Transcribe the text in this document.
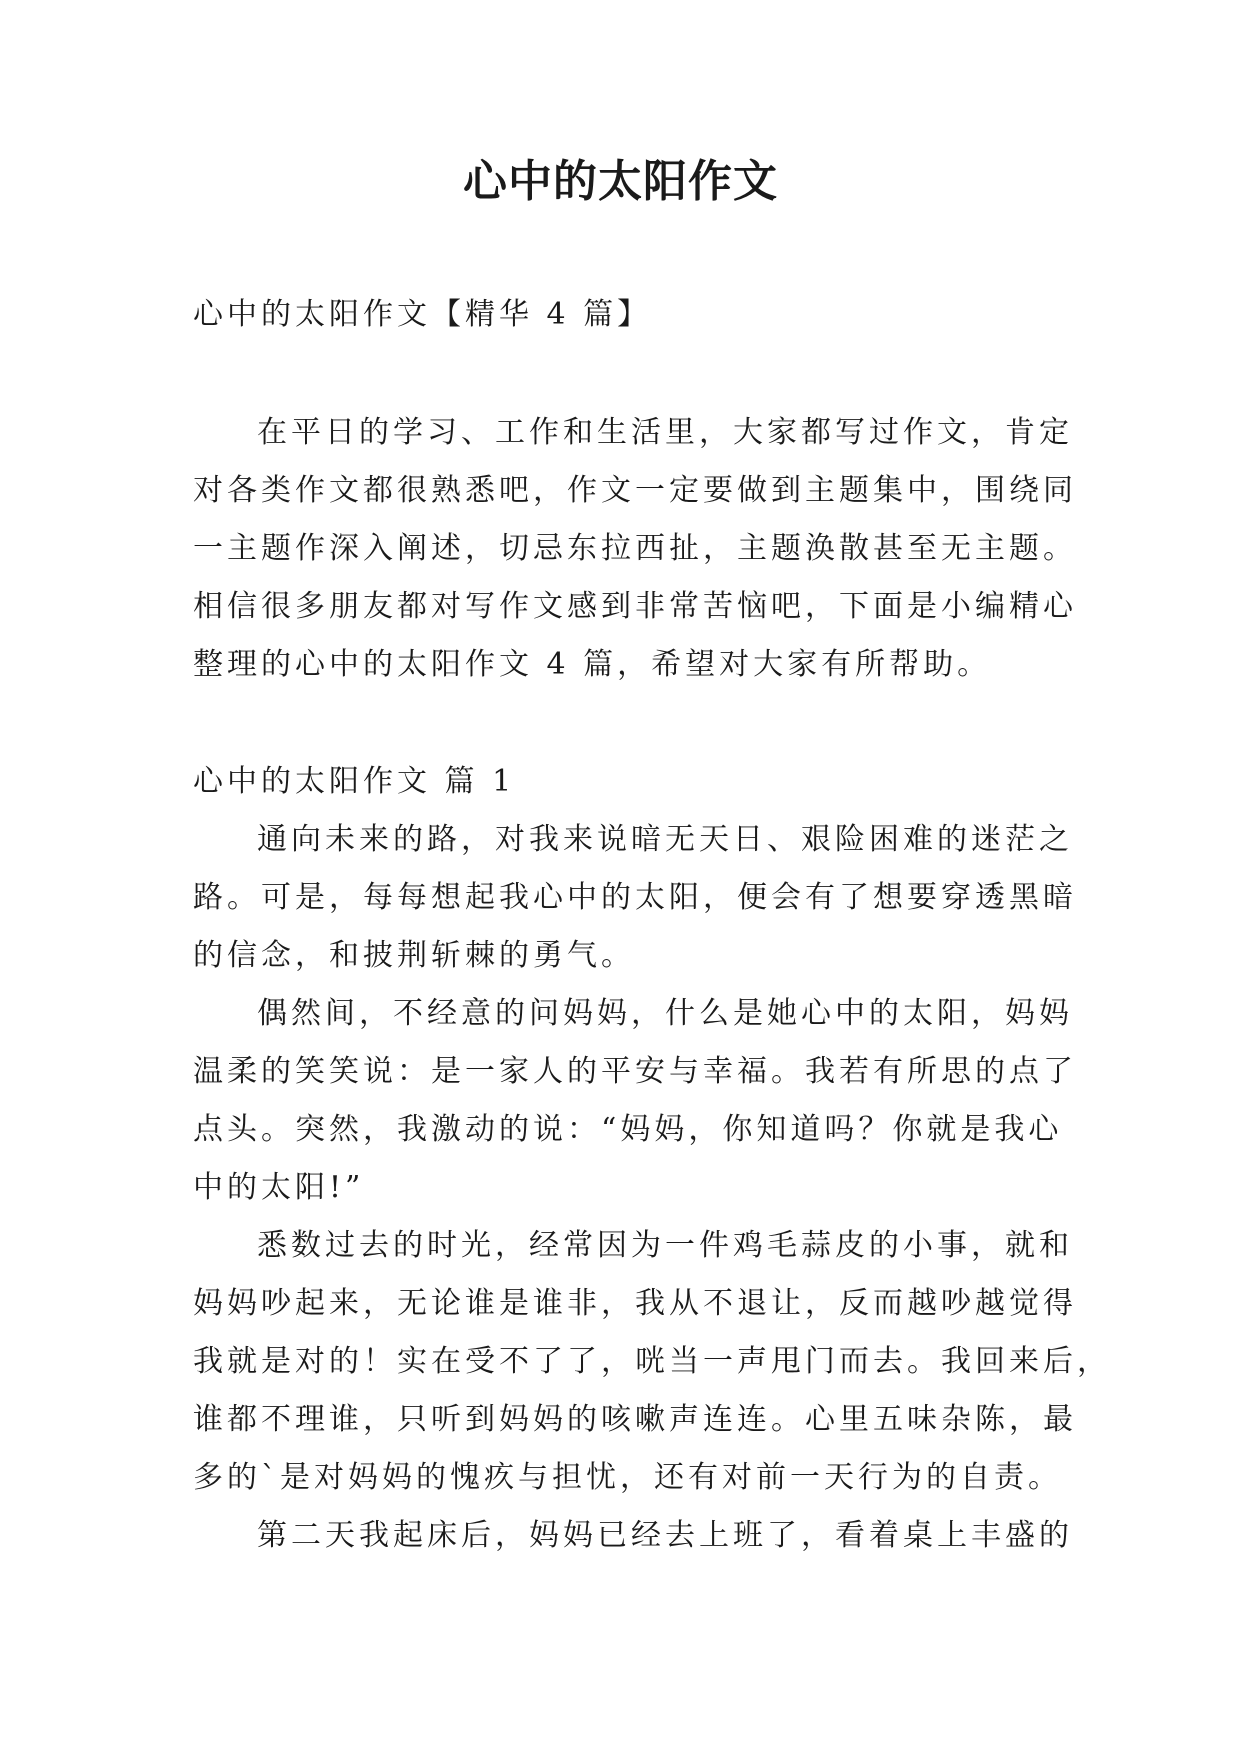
心中的太阳作文
心中的太阳作文【精华 4 篇】
在平日的学习、工作和生活里，大家都写过作文，肯定
对各类作文都很熟悉吧，作文一定要做到主题集中，围绕同
一主题作深入阐述，切忌东拉西扯，主题涣散甚至无主题。
相信很多朋友都对写作文感到非常苦恼吧，下面是小编精心
整理的心中的太阳作文 4 篇，希望对大家有所帮助。
心中的太阳作文 篇 1
通向未来的路，对我来说暗无天日、艰险困难的迷茫之
路。可是，每每想起我心中的太阳，便会有了想要穿透黑暗
的信念，和披荆斩棘的勇气。
偶然间，不经意的问妈妈，什么是她心中的太阳，妈妈
温柔的笑笑说：是一家人的平安与幸福。我若有所思的点了
点头。突然，我激动的说：“妈妈，你知道吗？你就是我心
中的太阳!”
悉数过去的时光，经常因为一件鸡毛蒜皮的小事，就和
妈妈吵起来，无论谁是谁非，我从不退让，反而越吵越觉得
我就是对的！实在受不了了，咣当一声甩门而去。我回来后，
谁都不理谁，只听到妈妈的咳嗽声连连。心里五味杂陈，最
多的`是对妈妈的愧疚与担忧，还有对前一天行为的自责。
第二天我起床后，妈妈已经去上班了，看着桌上丰盛的
